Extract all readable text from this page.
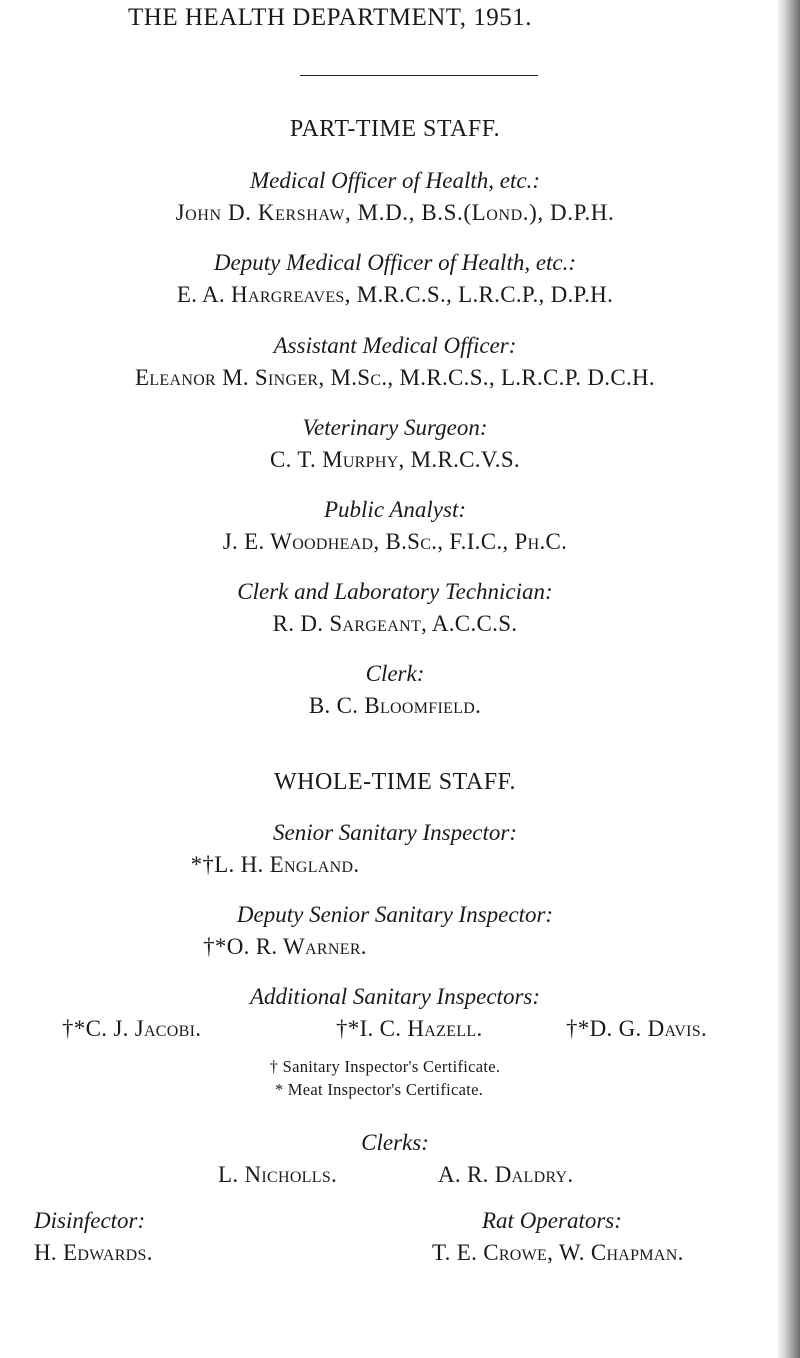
THE HEALTH DEPARTMENT, 1951.
PART-TIME STAFF.
Medical Officer of Health, etc.:
John D. Kershaw, M.D., B.S.(Lond.), D.P.H.
Deputy Medical Officer of Health, etc.:
E. A. Hargreaves, M.R.C.S., L.R.C.P., D.P.H.
Assistant Medical Officer:
Eleanor M. Singer, M.Sc., M.R.C.S., L.R.C.P. D.C.H.
Veterinary Surgeon:
C. T. Murphy, M.R.C.V.S.
Public Analyst:
J. E. Woodhead, B.Sc., F.I.C., Ph.C.
Clerk and Laboratory Technician:
R. D. Sargeant, A.C.C.S.
Clerk:
B. C. Bloomfield.
WHOLE-TIME STAFF.
Senior Sanitary Inspector:
*†L. H. England.
Deputy Senior Sanitary Inspector:
†*O. R. Warner.
Additional Sanitary Inspectors:
†*C. J. Jacobi.	†*I. C. Hazell.	†*D. G. Davis.
† Sanitary Inspector's Certificate.
* Meat Inspector's Certificate.
Clerks:
L. Nicholls.	A. R. Daldry.
Disinfector:
H. Edwards.
Rat Operators:
T. E. Crowe, W. Chapman.
